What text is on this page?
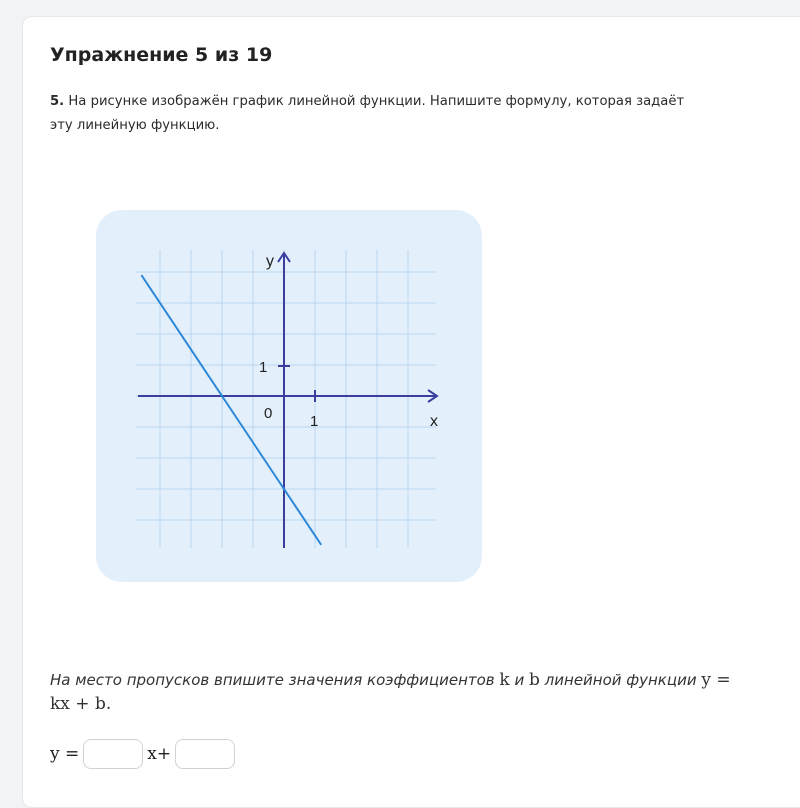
Упражнение 5 из 19
5. На рисунке изображён график линейной функции. Напишите формулу, которая задаёт эту линейную функцию.
y
x
0	1
1
На место пропусков впишите значения коэффициентов k и b линейной функции y = kx + b.
y =	x+
